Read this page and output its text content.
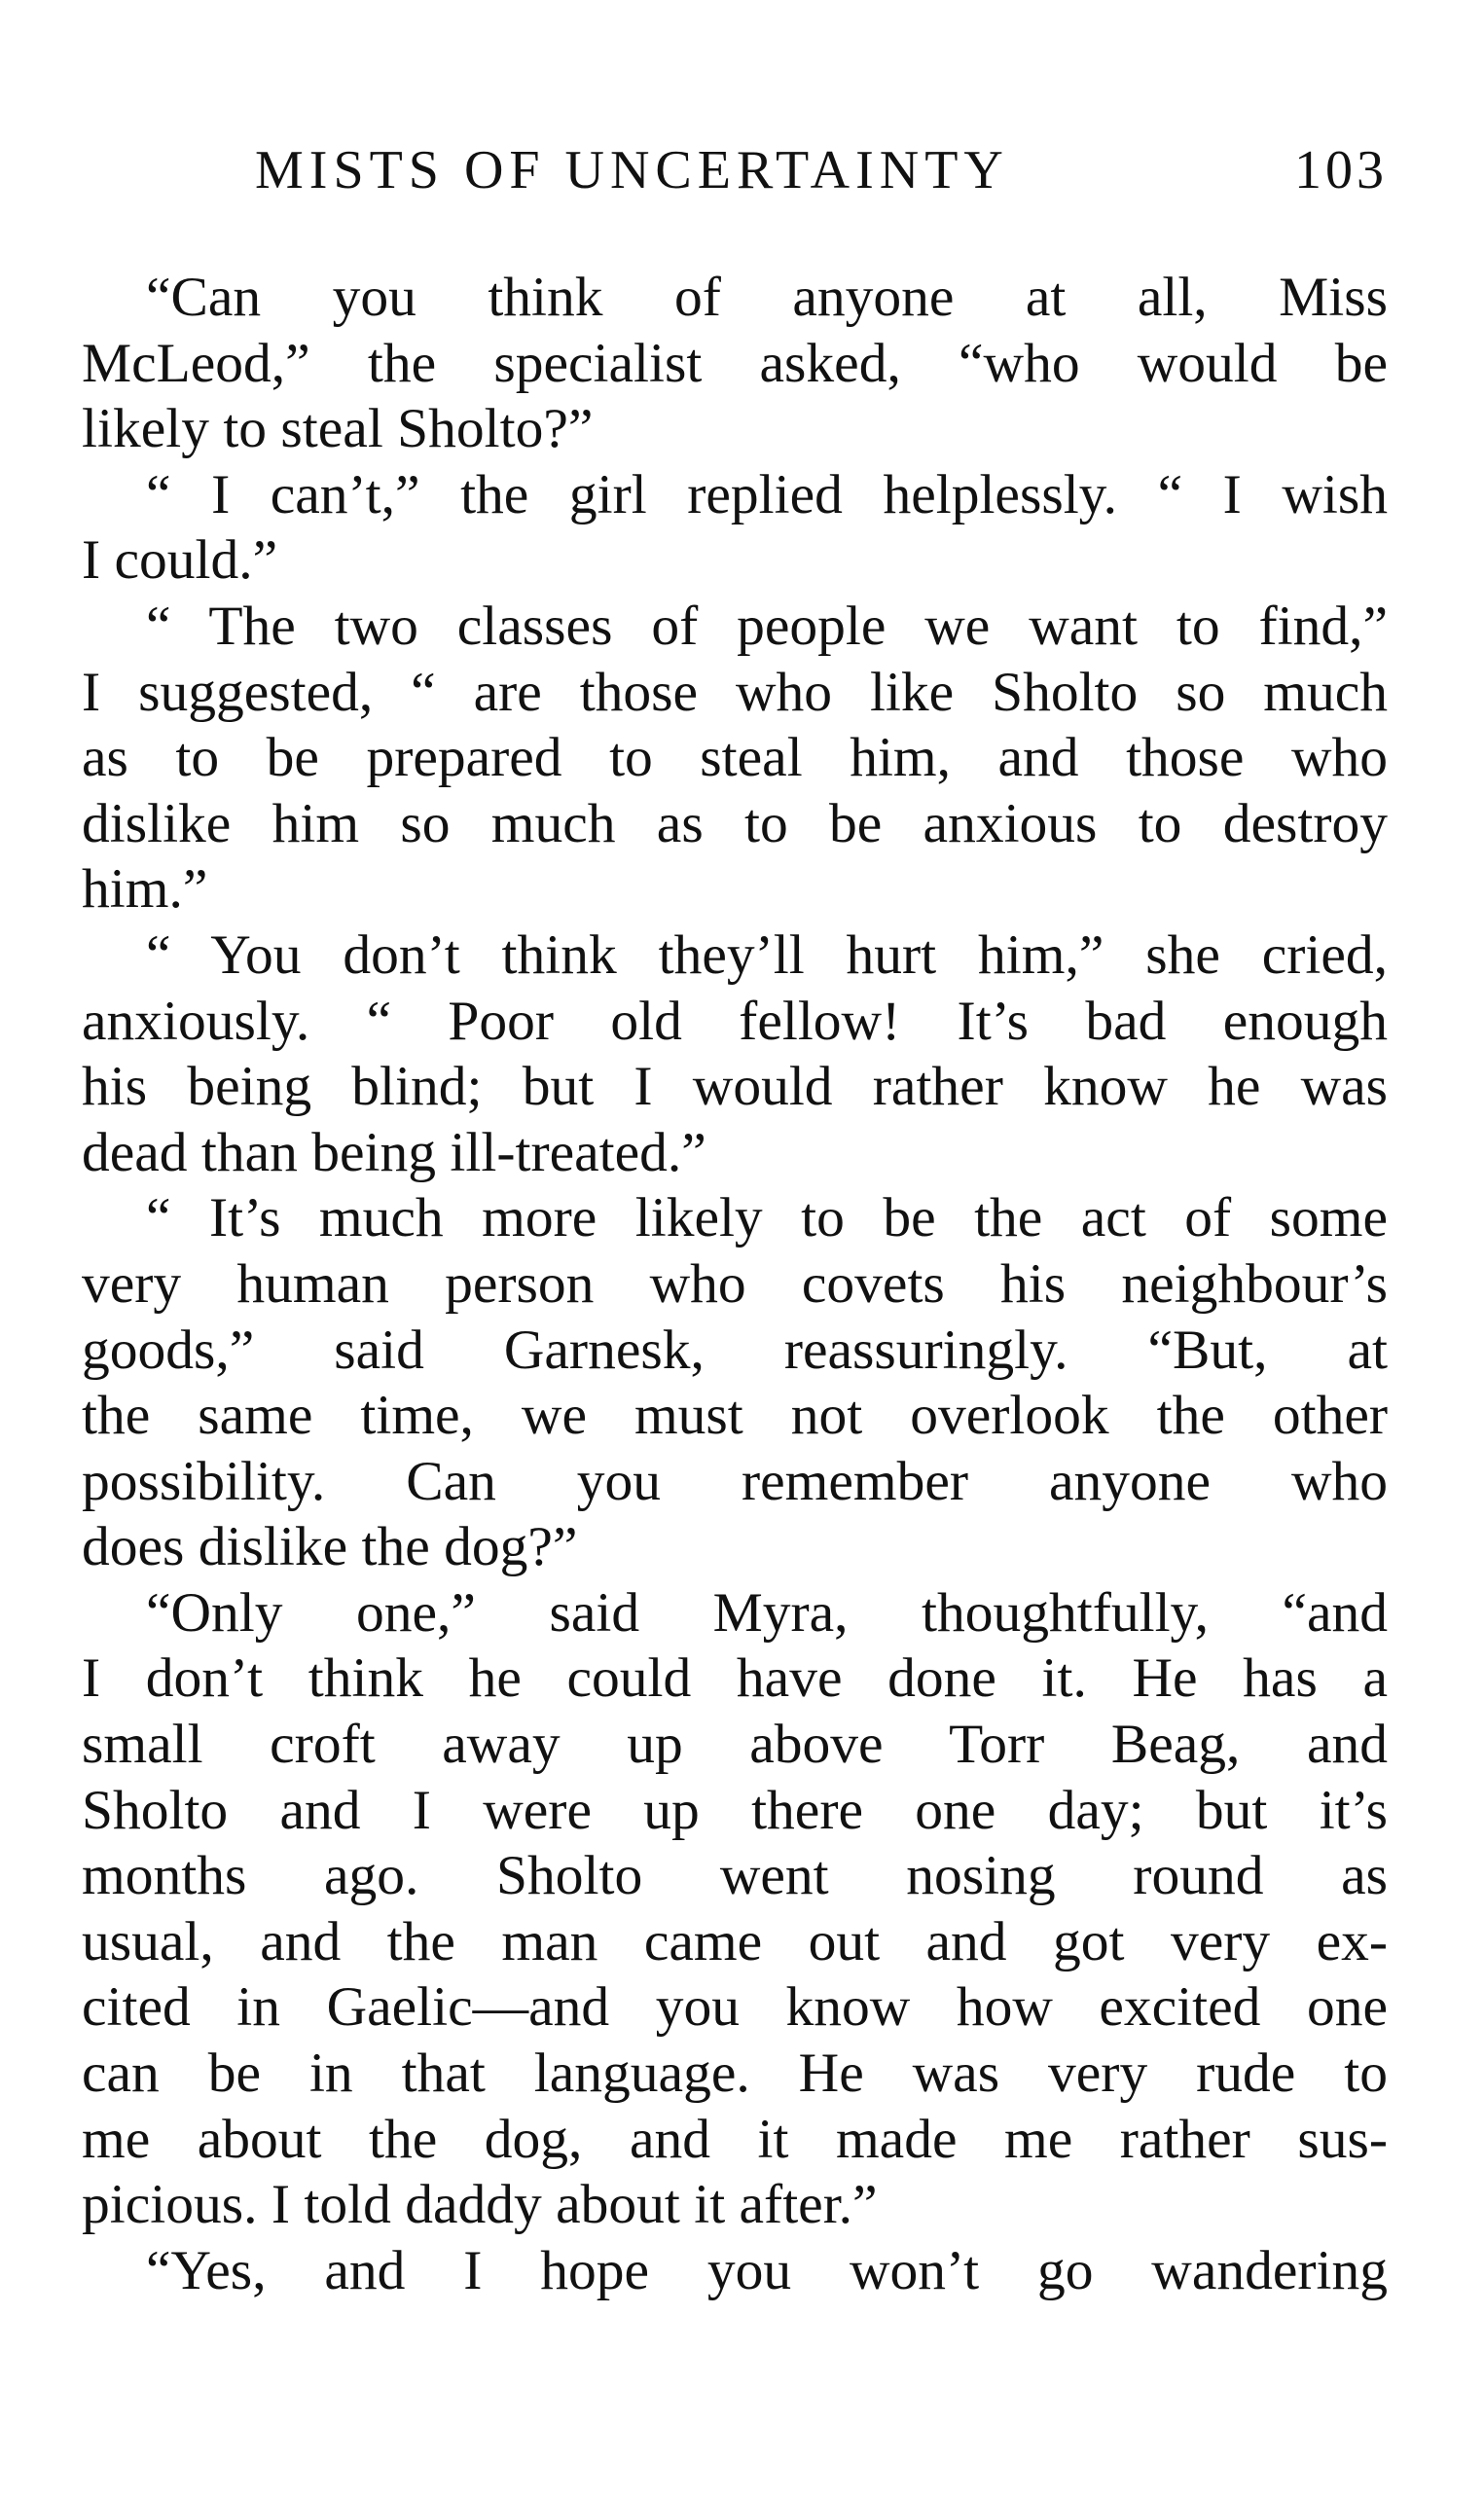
MISTS OF UNCERTAINTY	103
“Can you think of anyone at all, Miss
McLeod,” the specialist asked, “who would be
likely to steal Sholto?”
“ I can’t,” the girl replied helplessly. “ I wish
I could.”
“ The two classes of people we want to find,”
I suggested, “ are those who like Sholto so much
as to be prepared to steal him, and those who
dislike him so much as to be anxious to destroy
him.”
“ You don’t think they’ll hurt him,” she cried,
anxiously. “ Poor old fellow! It’s bad enough
his being blind; but I would rather know he was
dead than being ill-treated.”
“ It’s much more likely to be the act of some
very human person who covets his neighbour’s
goods,” said Garnesk, reassuringly. “But, at
the same time, we must not overlook the other
possibility. Can you remember anyone who
does dislike the dog?”
“Only one,” said Myra, thoughtfully, “and
I don’t think he could have done it. He has a
small croft away up above Torr Beag, and
Sholto and I were up there one day; but it’s
months ago. Sholto went nosing round as
usual, and the man came out and got very ex-
cited in Gaelic—and you know how excited one
can be in that language. He was very rude to
me about the dog, and it made me rather sus-
picious. I told daddy about it after.”
“Yes, and I hope you won’t go wandering
